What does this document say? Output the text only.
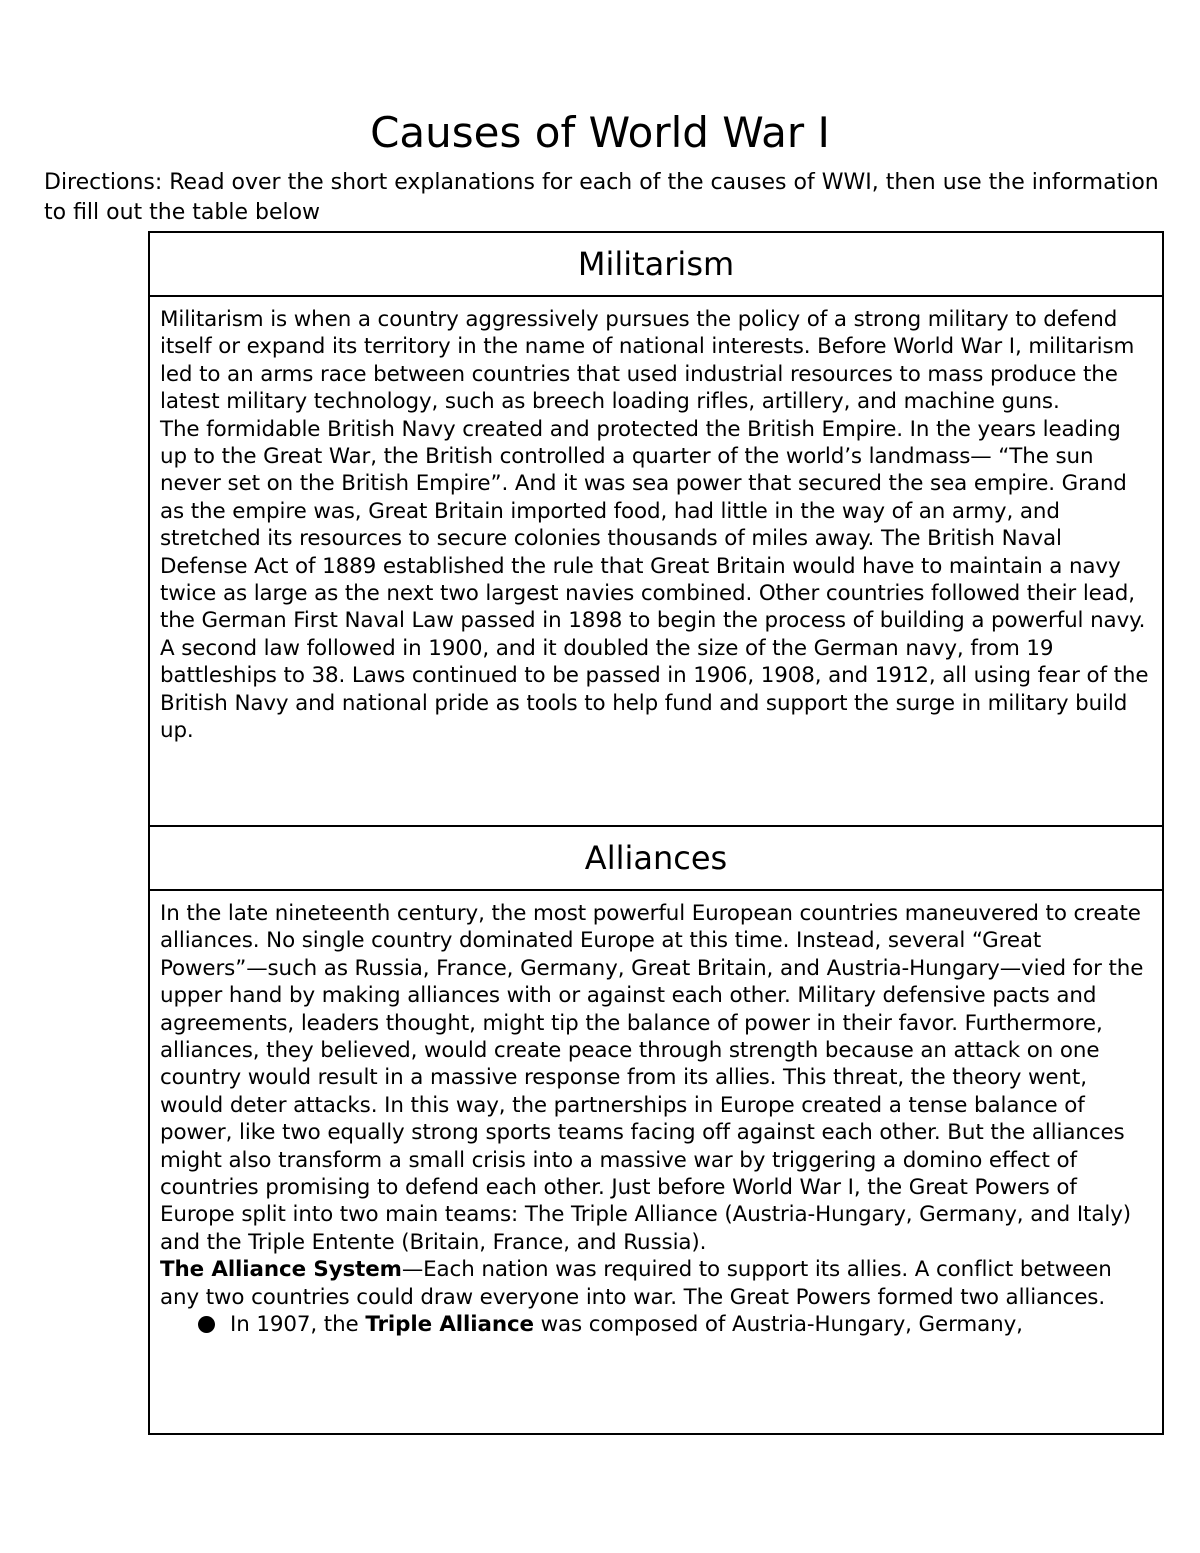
Causes of World War I

Directions: Read over the short explanations for each of the causes of WWI, then use the information to fill out the table below

Militarism

Militarism is when a country aggressively pursues the policy of a strong military to defend itself or expand its territory in the name of national interests. Before World War I, militarism led to an arms race between countries that used industrial resources to mass produce the latest military technology, such as breech loading rifles, artillery, and machine guns.

The formidable British Navy created and protected the British Empire. In the years leading up to the Great War, the British controlled a quarter of the world’s landmass— “The sun never set on the British Empire”. And it was sea power that secured the sea empire. Grand as the empire was, Great Britain imported food, had little in the way of an army, and stretched its resources to secure colonies thousands of miles away. The British Naval Defense Act of 1889 established the rule that Great Britain would have to maintain a navy twice as large as the next two largest navies combined. Other countries followed their lead, the German First Naval Law passed in 1898 to begin the process of building a powerful navy. A second law followed in 1900, and it doubled the size of the German navy, from 19 battleships to 38. Laws continued to be passed in 1906, 1908, and 1912, all using fear of the British Navy and national pride as tools to help fund and support the surge in military build up.

Alliances

In the late nineteenth century, the most powerful European countries maneuvered to create alliances. No single country dominated Europe at this time. Instead, several “Great Powers”—such as Russia, France, Germany, Great Britain, and Austria-Hungary—vied for the upper hand by making alliances with or against each other. Military defensive pacts and agreements, leaders thought, might tip the balance of power in their favor. Furthermore, alliances, they believed, would create peace through strength because an attack on one country would result in a massive response from its allies. This threat, the theory went, would deter attacks. In this way, the partnerships in Europe created a tense balance of power, like two equally strong sports teams facing off against each other. But the alliances might also transform a small crisis into a massive war by triggering a domino effect of countries promising to defend each other. Just before World War I, the Great Powers of Europe split into two main teams: The Triple Alliance (Austria-Hungary, Germany, and Italy) and the Triple Entente (Britain, France, and Russia).

The Alliance System—Each nation was required to support its allies. A conflict between

any two countries could draw everyone into war. The Great Powers formed two alliances.

In 1907, the Triple Alliance was composed of Austria-Hungary, Germany,
